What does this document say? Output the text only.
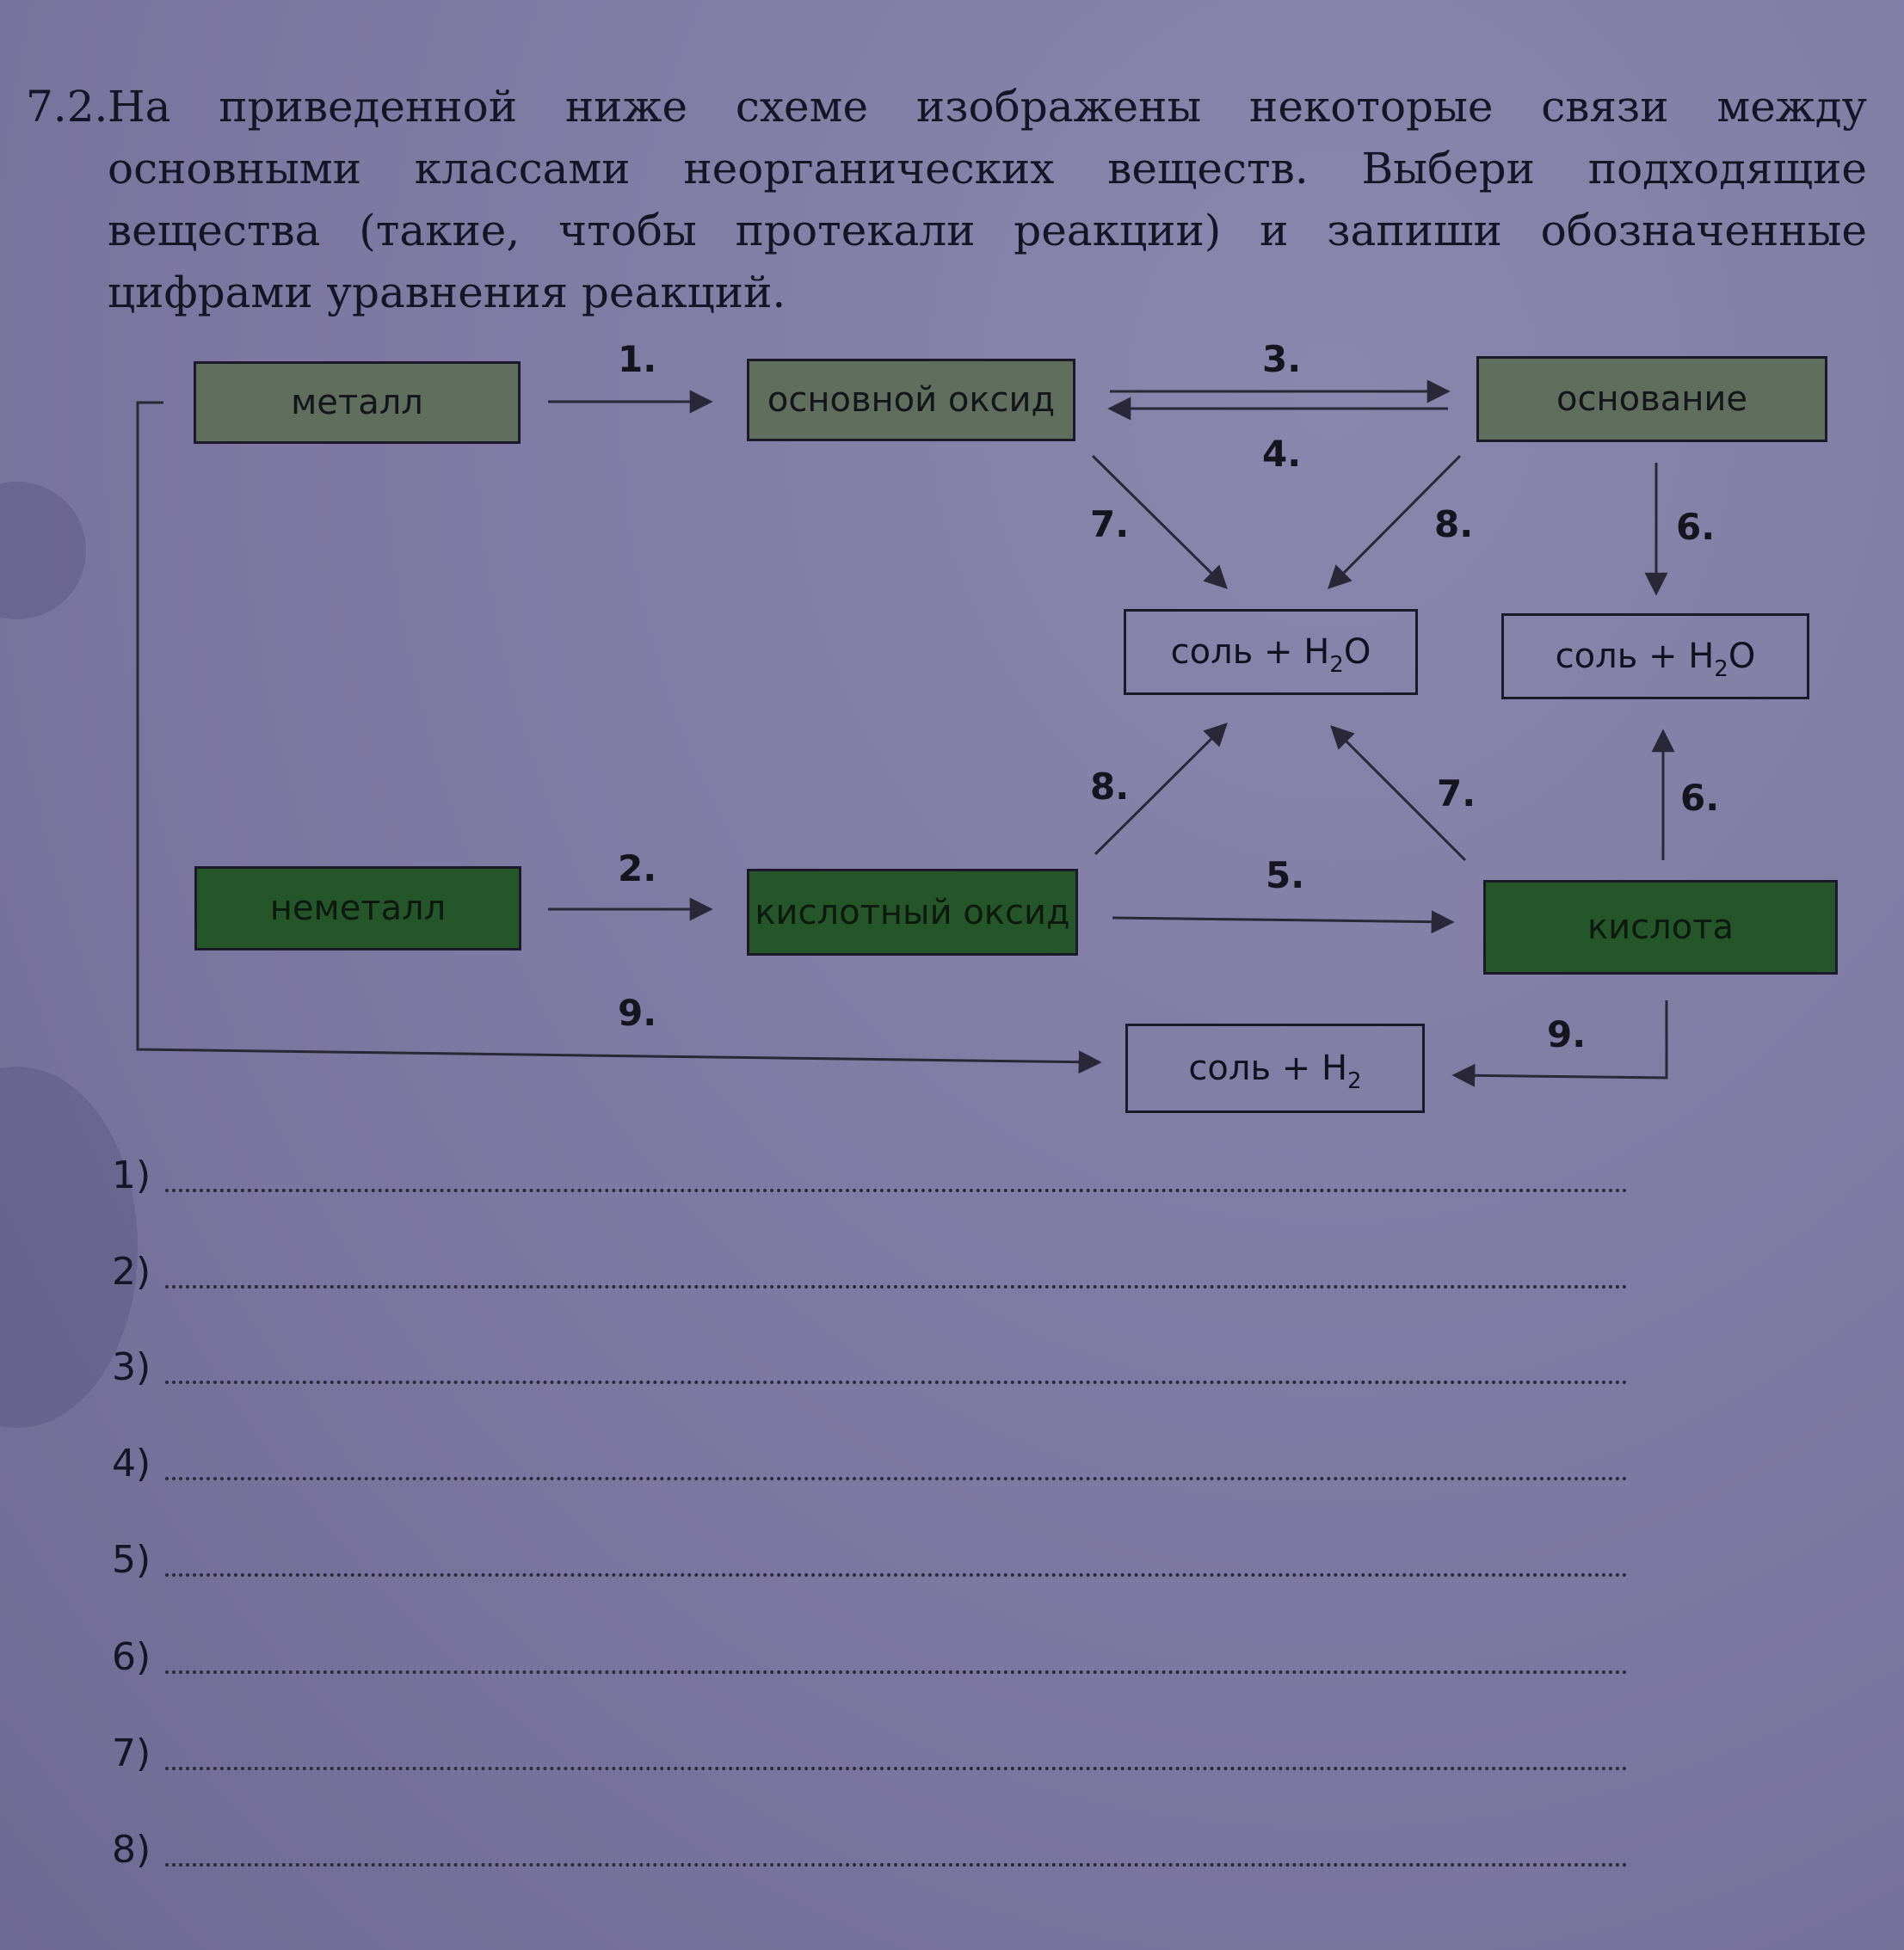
7.2. На приведенной ниже схеме изображены некоторые связи между основными классами неорганических веществ. Выбери подходящие вещества (такие, чтобы протекали реакции) и запиши обозначенные цифрами уравнения реакций.
металл	основной оксид	основание
соль + $H_2O$	соль + $H_2O$
неметалл	кислотный оксид	кислота
соль + $H_2$
1.
2.
3.
4.
5.
6.
6.
7.	8.
8.	7.
9.
9.
1)
2)
3)
4)
5)
6)
7)
8)
